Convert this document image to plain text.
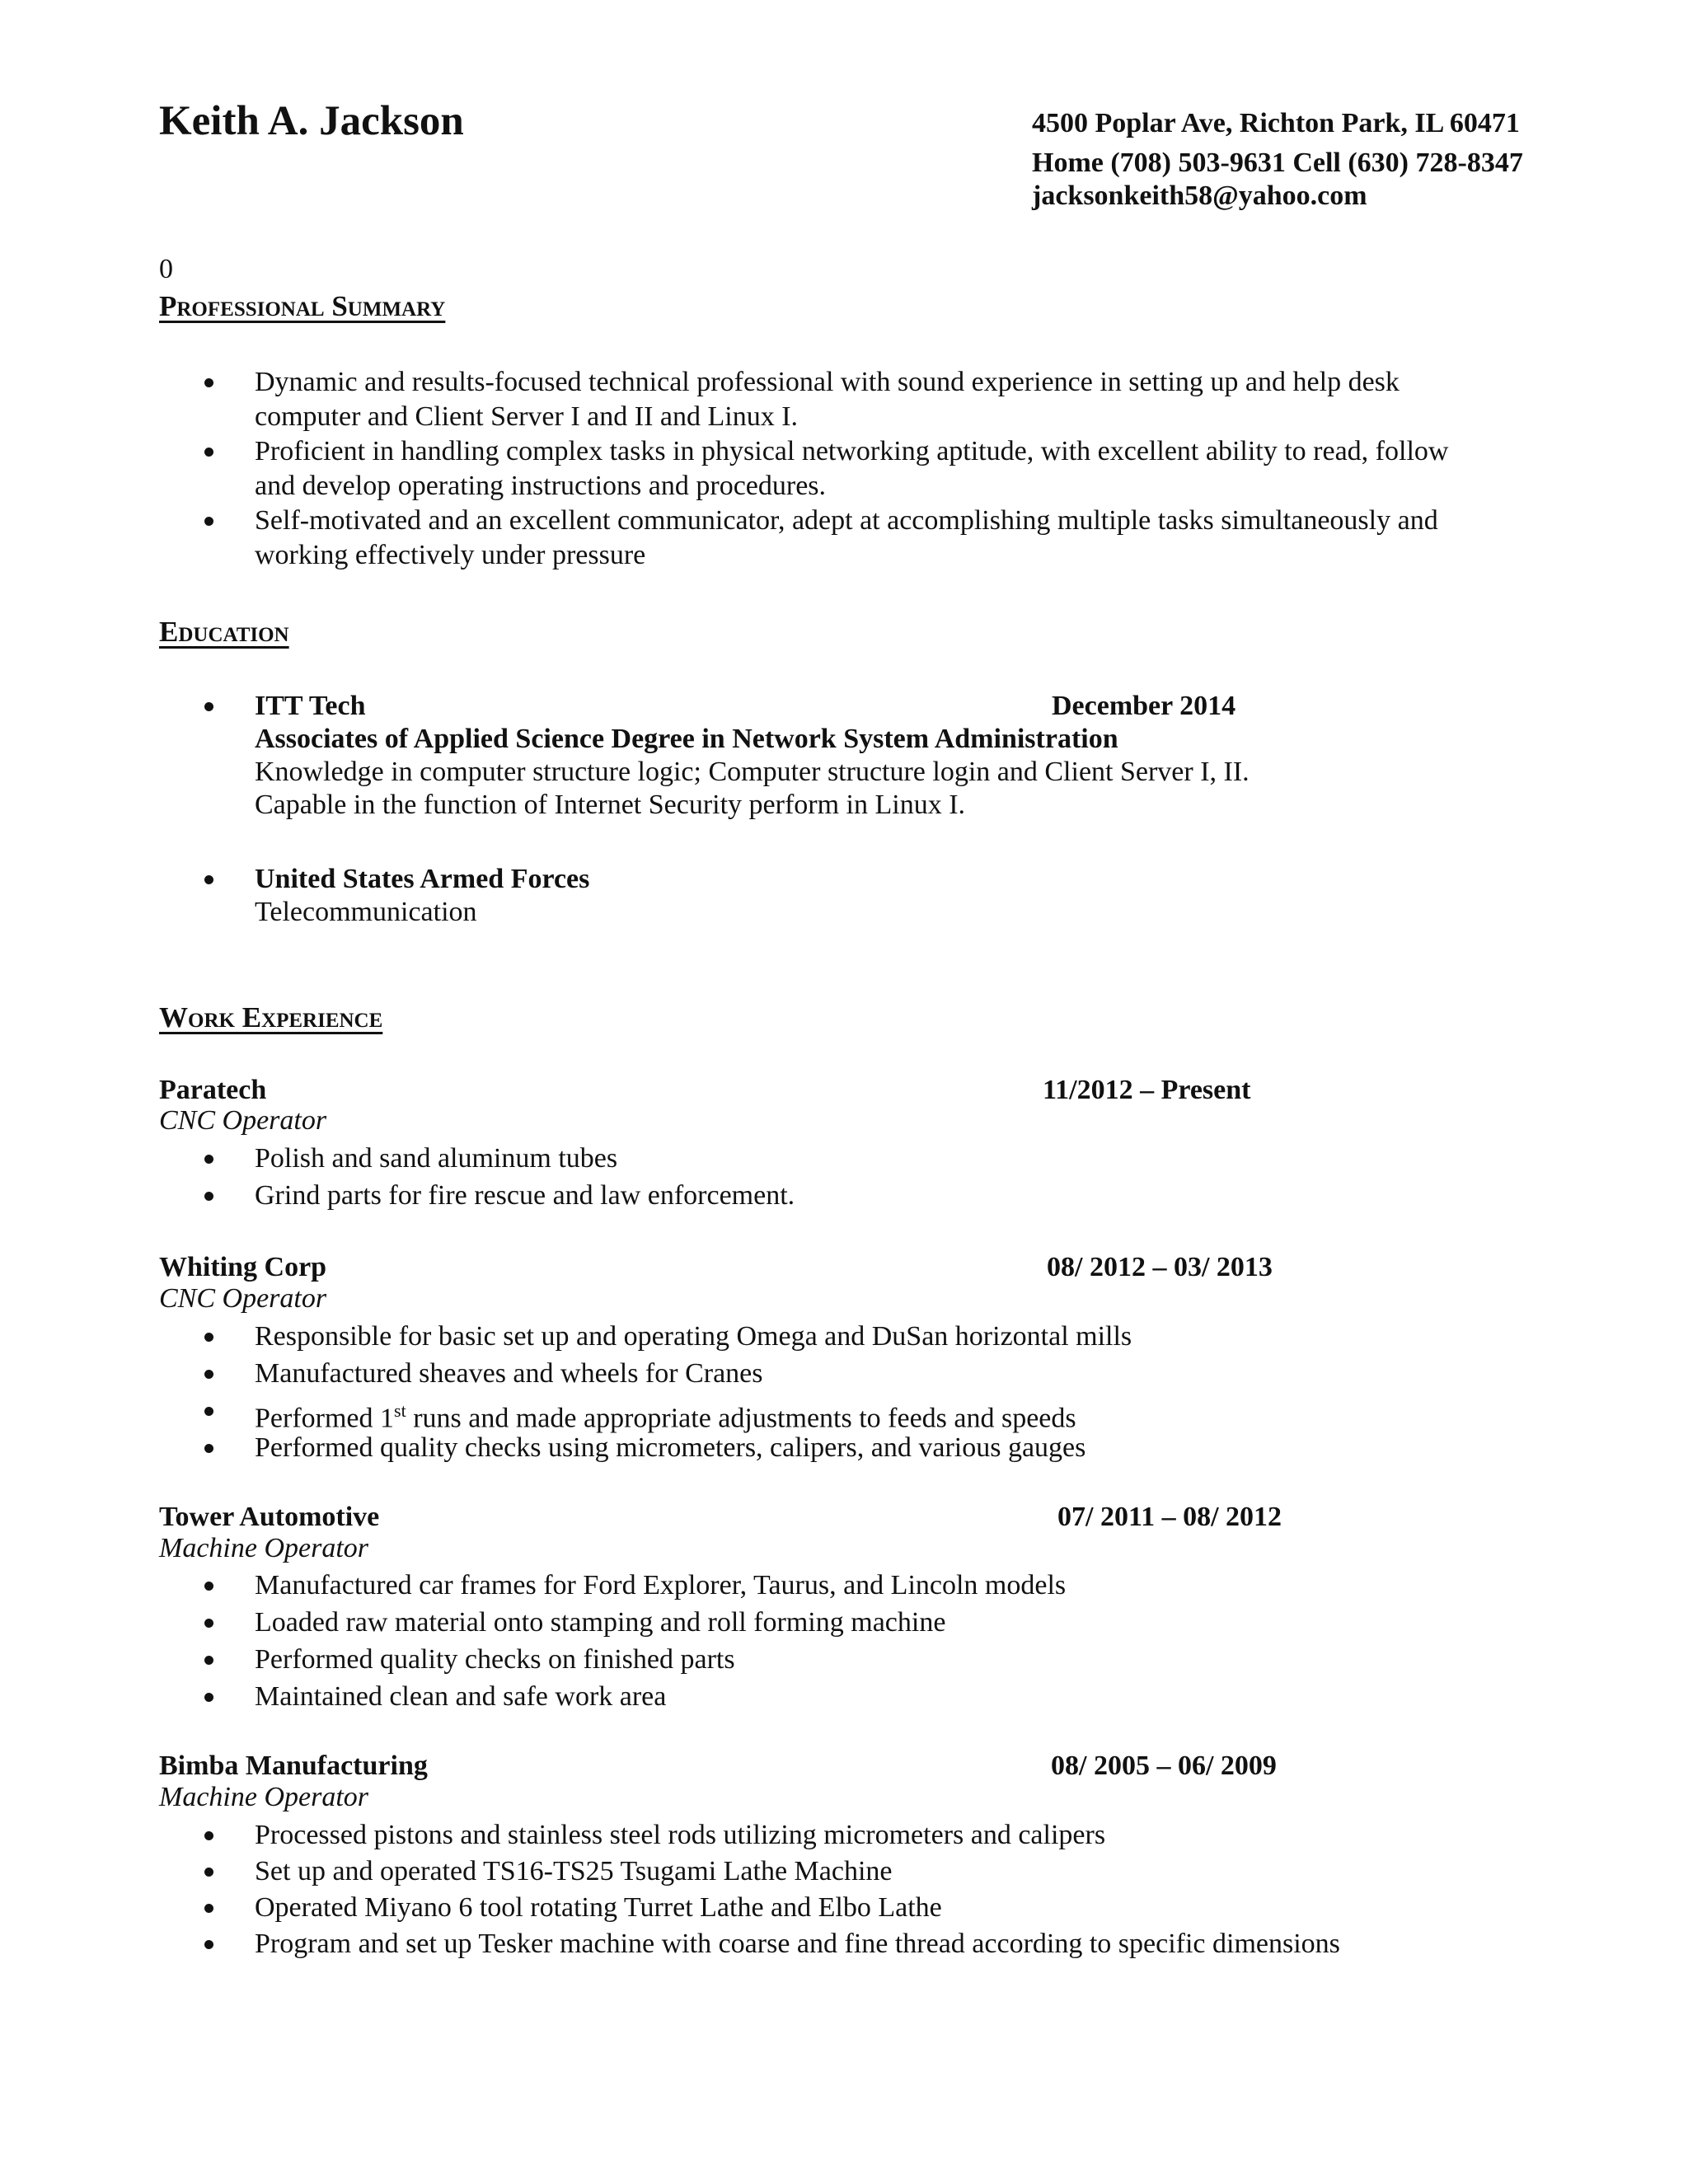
Keith A. Jackson	4500 Poplar Ave, Richton Park, IL 60471
Home (708) 503-9631 Cell (630) 728-8347
jacksonkeith58@yahoo.com
0
Professional Summary
Dynamic and results-focused technical professional with sound experience in setting up and help desk
computer and Client Server I and II and Linux I.
Proficient in handling complex tasks in physical networking aptitude, with excellent ability to read, follow
and develop operating instructions and procedures.
Self-motivated and an excellent communicator, adept at accomplishing multiple tasks simultaneously and
working effectively under pressure
Education
ITT Tech	December 2014
Associates of Applied Science Degree in Network System Administration
Knowledge in computer structure logic; Computer structure login and Client Server I, II.
Capable in the function of Internet Security perform in Linux I.
United States Armed Forces
Telecommunication
Work Experience
Paratech	11/2012 – Present
CNC Operator
Polish and sand aluminum tubes
Grind parts for fire rescue and law enforcement.
Whiting Corp	08/ 2012 – 03/ 2013
CNC Operator
Responsible for basic set up and operating Omega and DuSan horizontal mills
Manufactured sheaves and wheels for Cranes
Performed 1st runs and made appropriate adjustments to feeds and speeds
Performed quality checks using micrometers, calipers, and various gauges
Tower Automotive	07/ 2011 – 08/ 2012
Machine Operator
Manufactured car frames for Ford Explorer, Taurus, and Lincoln models
Loaded raw material onto stamping and roll forming machine
Performed quality checks on finished parts
Maintained clean and safe work area
Bimba Manufacturing	08/ 2005 – 06/ 2009
Machine Operator
Processed pistons and stainless steel rods utilizing micrometers and calipers
Set up and operated TS16-TS25 Tsugami Lathe Machine
Operated Miyano 6 tool rotating Turret Lathe and Elbo Lathe
Program and set up Tesker machine with coarse and fine thread according to specific dimensions
